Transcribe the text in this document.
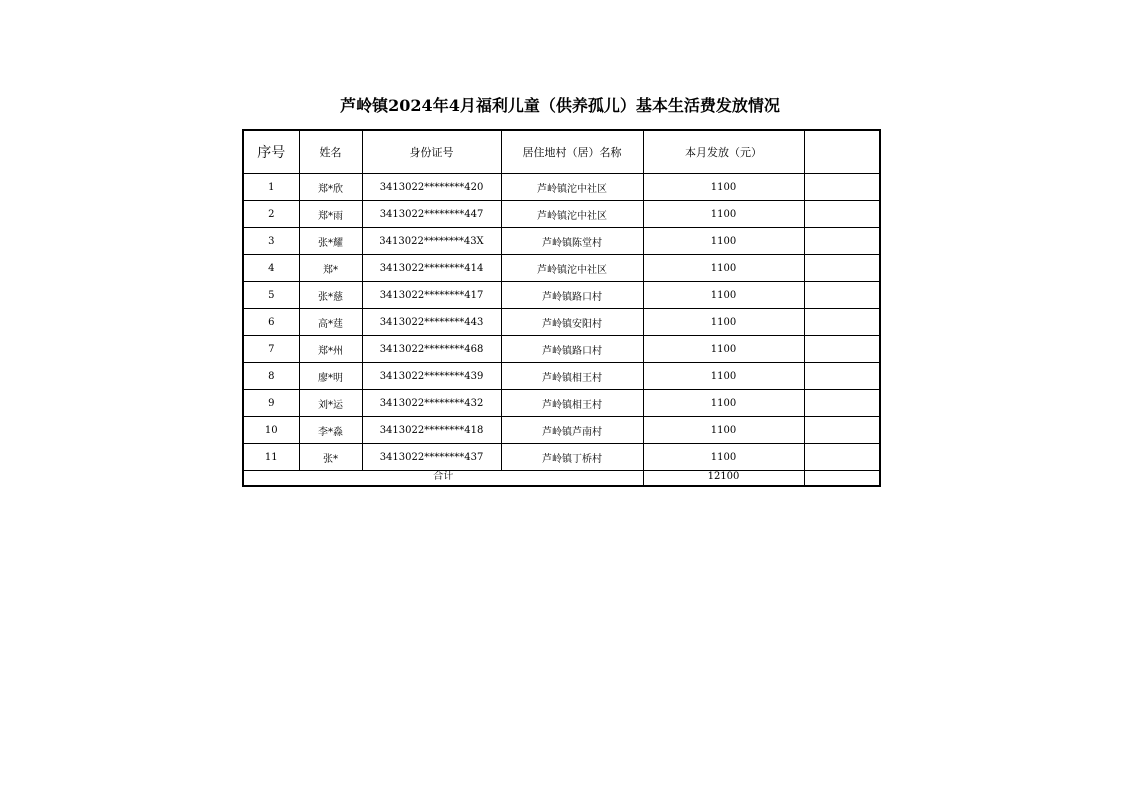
芦岭镇2024年4月福利儿童（供养孤儿）基本生活费发放情况
序号	姓名	身份证号	居住地村（居）名称	本月发放（元）	
1	郑*欣	3413022********420	芦岭镇沱中社区	1100	
2	郑*雨	3413022********447	芦岭镇沱中社区	1100	
3	张*耀	3413022********43X	芦岭镇陈堂村	1100	
4	郑*	3413022********414	芦岭镇沱中社区	1100	
5	张*慈	3413022********417	芦岭镇路口村	1100	
6	高*莛	3413022********443	芦岭镇安阳村	1100	
7	郑*州	3413022********468	芦岭镇路口村	1100	
8	廖*明	3413022********439	芦岭镇相王村	1100	
9	刘*运	3413022********432	芦岭镇相王村	1100	
10	李*淼	3413022********418	芦岭镇芦南村	1100	
11	张*	3413022********437	芦岭镇丁桥村	1100	
合计				12100	
